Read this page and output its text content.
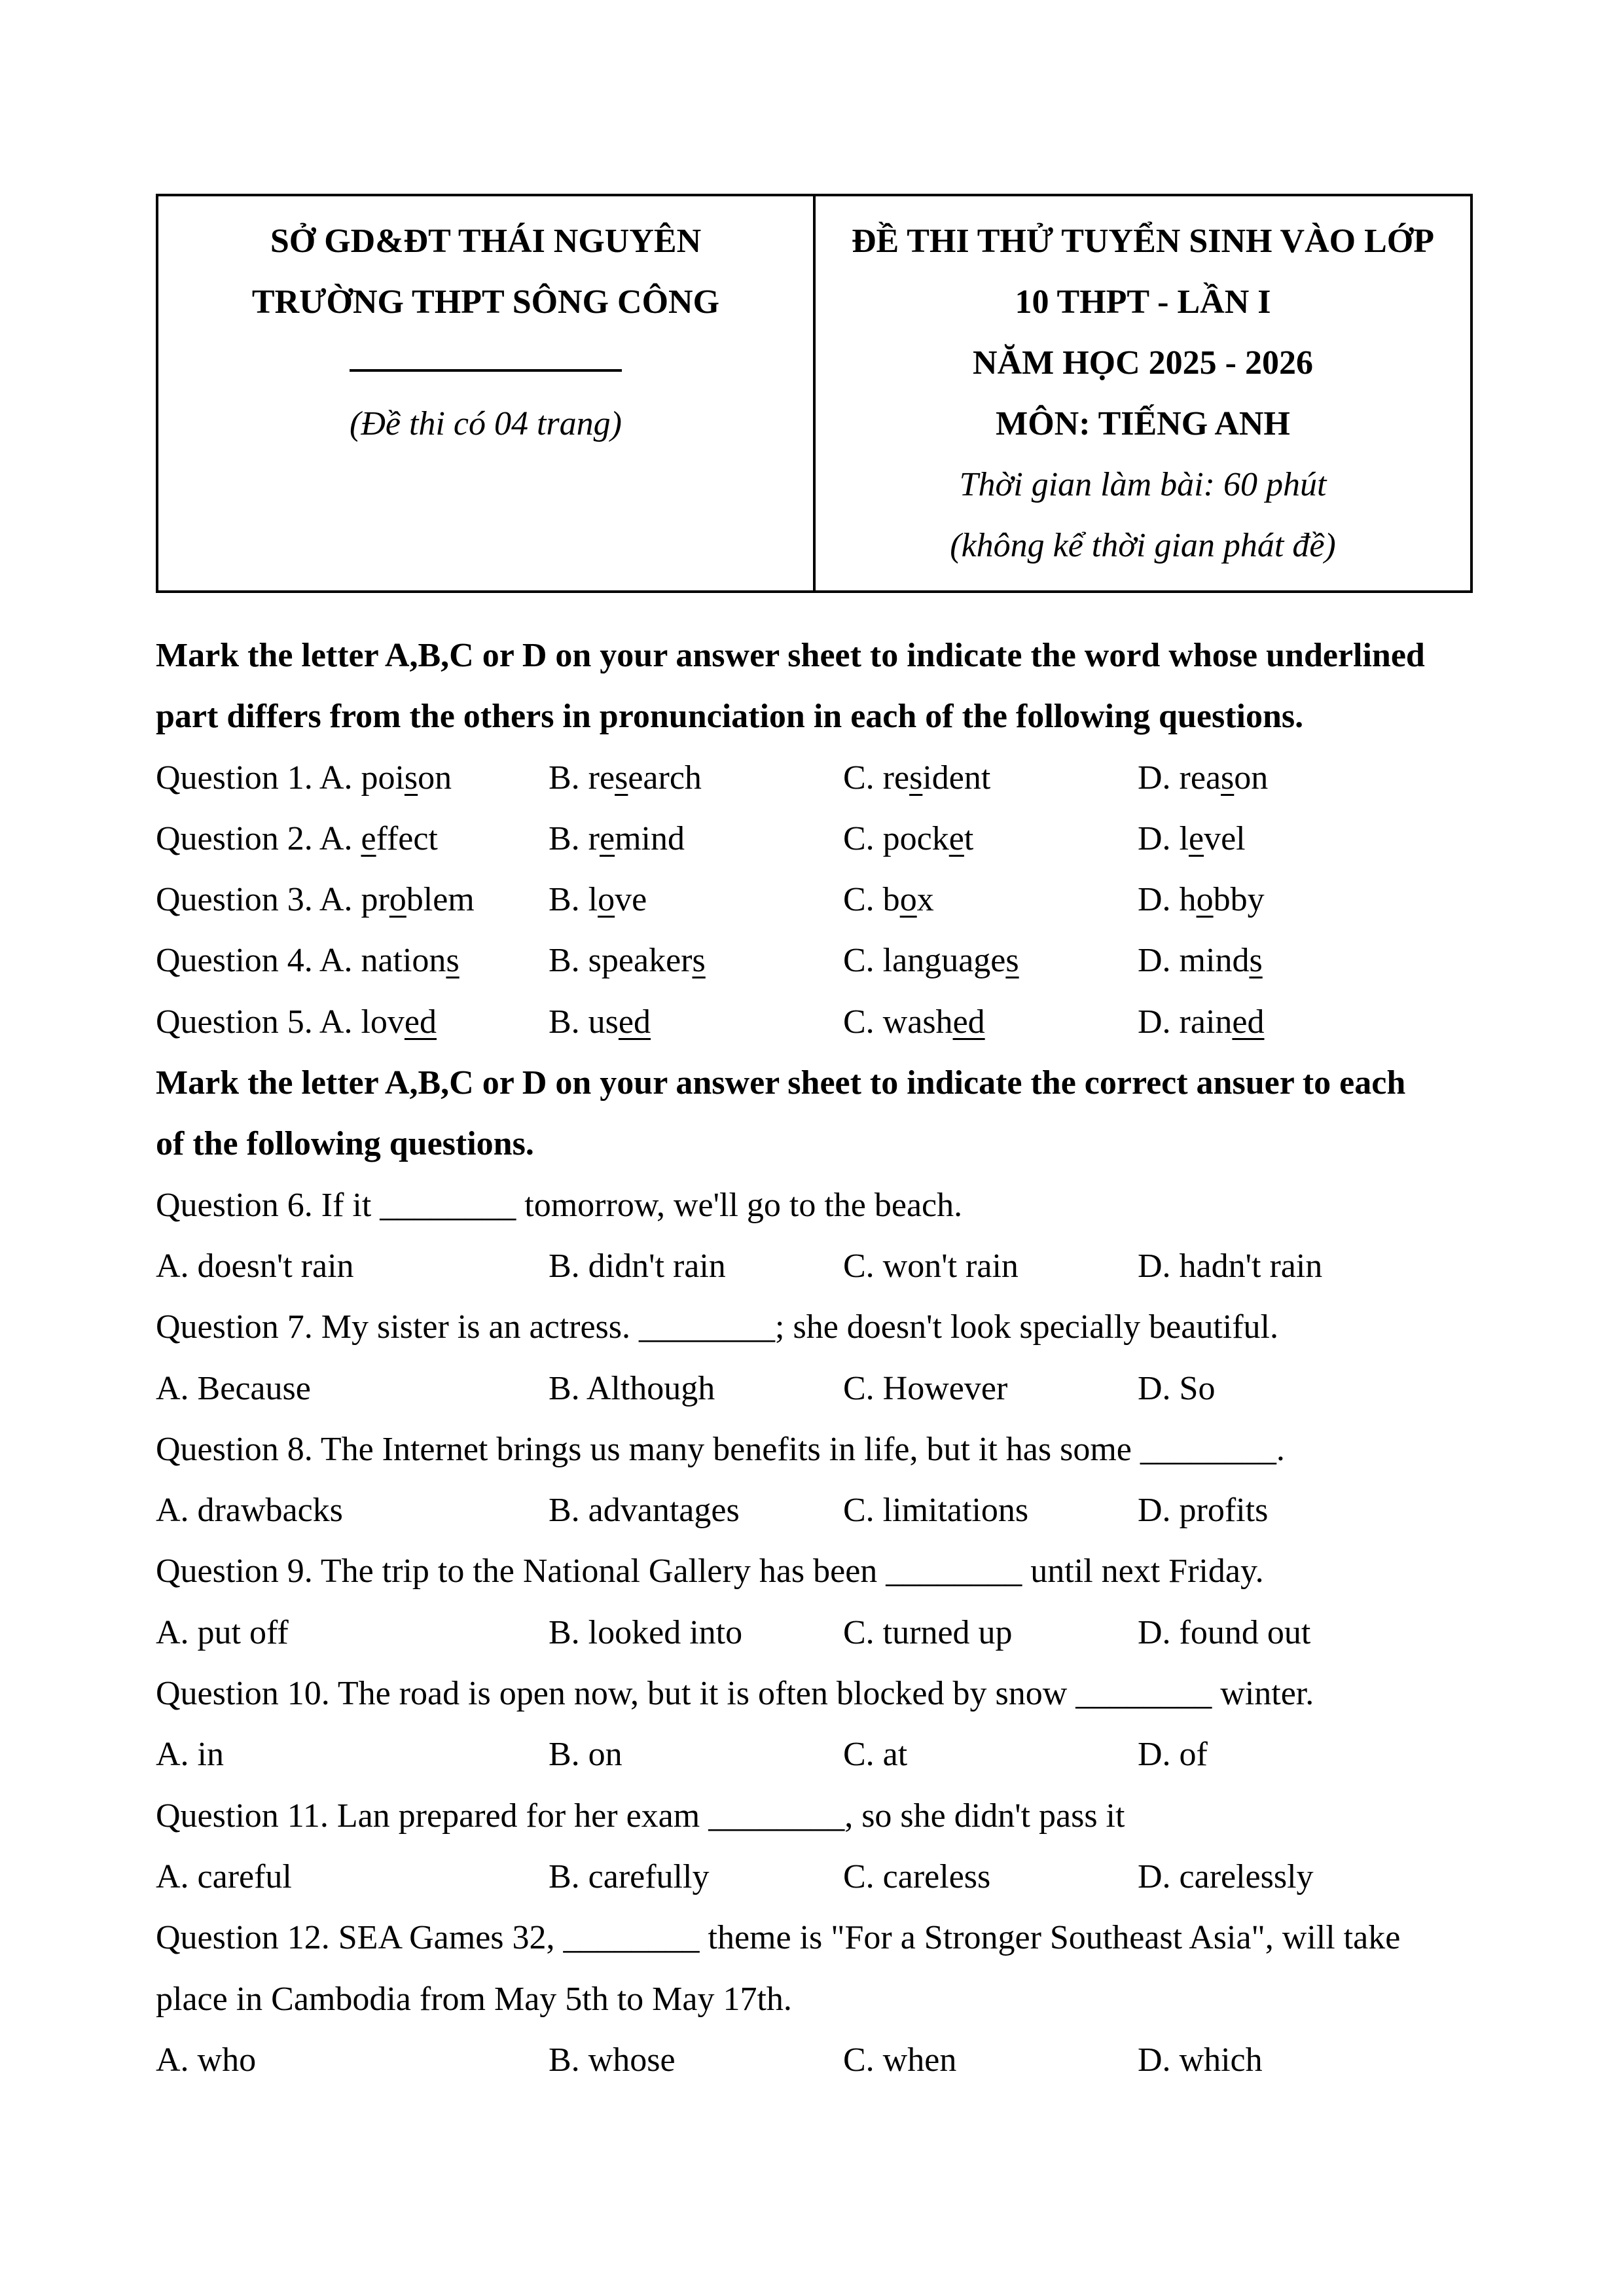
SỞ GD&ĐT THÁI NGUYÊN
TRƯỜNG THPT SÔNG CÔNG
(Đề thi có 04 trang)
ĐỀ THI THỬ TUYỂN SINH VÀO LỚP
10 THPT - LẦN I
NĂM HỌC 2025 - 2026
MÔN: TIẾNG ANH
Thời gian làm bài: 60 phút
(không kể thời gian phát đề)
Mark the letter A,B,C or D on your answer sheet to indicate the word whose underlined
part differs from the others in pronunciation in each of the following questions.
Question 1. A. poison	B. research	C. resident	D. reason
Question 2. A. effect	B. remind	C. pocket	D. level
Question 3. A. problem B. love	C. box	D. hobby
Question 4. A. nations	B. speakers	C. languages	D. minds
Question 5. A. loved	B. used	C. washed	D. rained
Mark the letter A,B,C or D on your answer sheet to indicate the correct ansuer to each
of the following questions.
Question 6. If it ________ tomorrow, we'll go to the beach.
A. doesn't rain	B. didn't rain	C. won't rain	D. hadn't rain
Question 7. My sister is an actress. ________; she doesn't look specially beautiful.
A. Because	B. Although	C. However	D. So
Question 8. The Internet brings us many benefits in life, but it has some ________.
A. drawbacks	B. advantages	C. limitations	D. profits
Question 9. The trip to the National Gallery has been ________ until next Friday.
A. put off	B. looked into	C. turned up	D. found out
Question 10. The road is open now, but it is often blocked by snow ________ winter.
A. in	B. on	C. at	D. of
Question 11. Lan prepared for her exam ________, so she didn't pass it
A. careful	B. carefully	C. careless	D. carelessly
Question 12. SEA Games 32, ________ theme is "For a Stronger Southeast Asia", will take
place in Cambodia from May 5th to May 17th.
A. who	B. whose	C. when	D. which
